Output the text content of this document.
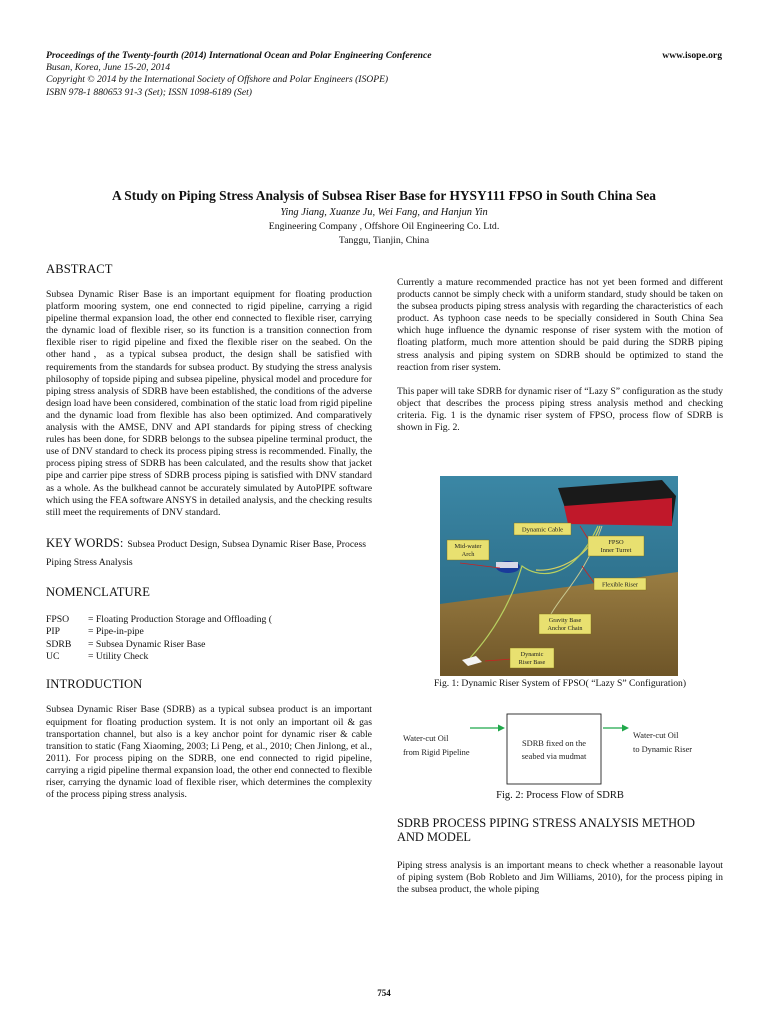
Proceedings of the Twenty-fourth (2014) International Ocean and Polar Engineering Conference
Busan, Korea, June 15-20, 2014
Copyright © 2014 by the International Society of Offshore and Polar Engineers (ISOPE)
ISBN 978-1 880653 91-3 (Set); ISSN 1098-6189 (Set)
www.isope.org
A Study on Piping Stress Analysis of Subsea Riser Base for HYSY111 FPSO in South China Sea
Ying Jiang, Xuanze Ju, Wei Fang, and Hanjun Yin
Engineering Company , Offshore Oil Engineering Co. Ltd.
Tanggu, Tianjin, China
ABSTRACT

Subsea Dynamic Riser Base is an important equipment for floating production platform mooring system, one end connected to rigid pipeline, carrying a rigid pipeline thermal expansion load, the other end connected to flexible riser, carrying the dynamic load of flexible riser, so its function is a transition connection from flexible riser to rigid pipeline and fixed the flexible riser on the seabed. On the other hand，as a typical subsea product, the design shall be satisfied with requirements from the standards for subsea product. By studying the stress analysis philosophy of topside piping and subsea pipeline, physical model and procedure for piping stress analysis of SDRB have been established, the conditions of the adverse design load have been considered, combination of the static load from rigid pipeline and the dynamic load from flexible has also been optimized. And comparatively analysis with the AMSE, DNV and API standards for piping stress of checking rules has been done, for SDRB belongs to the subsea pipeline terminal product, the use of DNV standard to check its process piping stress is recommended. Finally, the process piping stress of SDRB has been calculated, and the results show that jacket pipe and carrier pipe stress of SDRB process piping is satisfied with DNV standard as a whole. As the bulkhead cannot be accurately simulated by AutoPIPE software which using the FEA software ANSYS in detailed analysis, and the checking results still meet the requirements of DNV standard.

KEY WORDS: Subsea Product Design, Subsea Dynamic Riser Base, Process Piping Stress Analysis
NOMENCLATURE
FPSO	= Floating Production Storage and Offloading (
PIP	= Pipe-in-pipe
SDRB	= Subsea Dynamic Riser Base
UC	= Utility Check
INTRODUCTION

Subsea Dynamic Riser Base (SDRB) as a typical subsea product is an important equipment for floating production system. It is not only an important oil & gas transportation channel, but also is a key anchor point for dynamic riser & cable transition to static (Fang Xiaoming, 2003; Li Peng, et al., 2010; Chen Jinlong, et al., 2011). For process piping on the SDRB, one end connected to rigid pipeline, carrying a rigid pipeline thermal expansion load, the other end connected to flexible riser, carrying the dynamic load of flexible riser, which determines the complexity of the process piping stress analysis.

Currently a mature recommended practice has not yet been formed and different products cannot be simply check with a uniform standard, study should be taken on the subsea products piping stress analysis with regarding the characteristics of each product. As typhoon case needs to be specially considered in South China Sea which huge influence the dynamic response of riser system with the motion of floating platform, much more attention should be paid during the SDRB piping stress analysis and piping system on SDRB should be optimized to stand the reaction from riser system.

This paper will take SDRB for dynamic riser of “Lazy S” configuration as the study object that describes the process piping stress analysis method and checking criteria. Fig. 1 is the dynamic riser system of FPSO, process flow of SDRB is shown in Fig. 2.

Dynamic Cable
FPSO
Inner Turret
Mid-water
Arch
Flexible Riser
Gravity Base
Anchor Chain
Dynamic
Riser Base
Fig. 1: Dynamic Riser System of FPSO( “Lazy S” Configuration)
Water-cut Oil
from Rigid Pipeline
SDRB fixed on the
seabed via mudmat
Water-cut Oil
to Dynamic Riser
Fig. 2: Process Flow of SDRB
SDRB PROCESS PIPING STRESS ANALYSIS METHOD AND MODEL

Piping stress analysis is an important means to check whether a reasonable layout of piping system (Bob Robleto and Jim Williams, 2010), for the process piping in the subsea product, the whole piping

754
